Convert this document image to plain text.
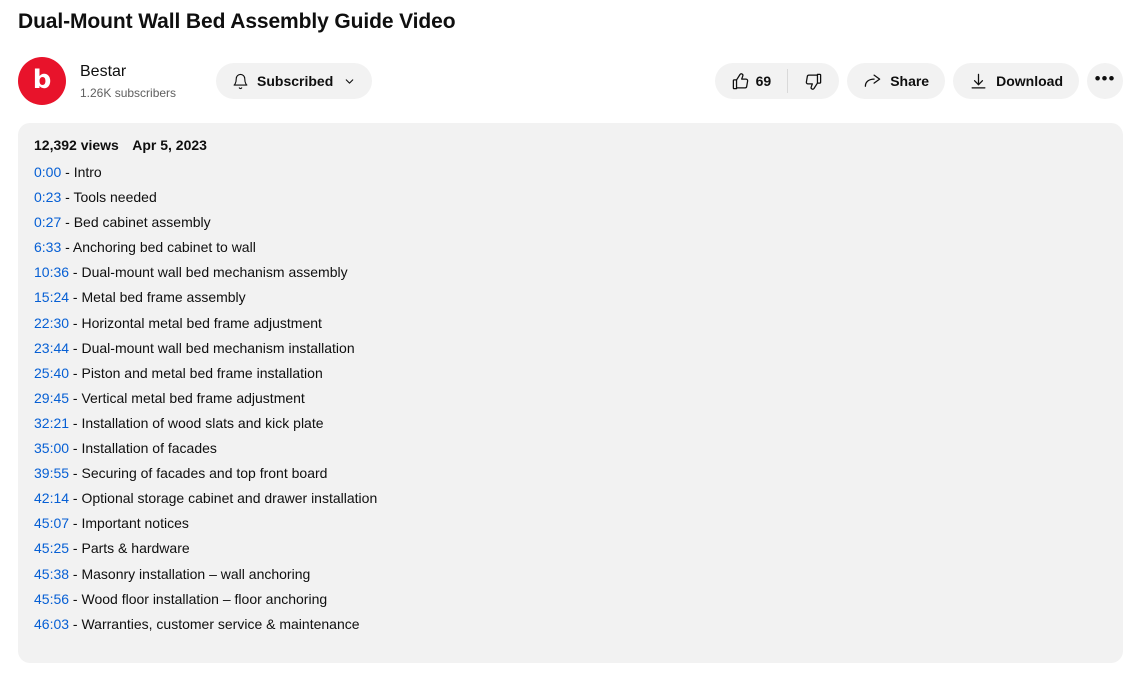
Dual-Mount Wall Bed Assembly Guide Video
b Bestar
1.26K subscribers
Subscribed	69	Share	Download •••
12,392 views Apr 5, 2023
0:00 - Intro
0:23 - Tools needed
0:27 - Bed cabinet assembly
6:33 - Anchoring bed cabinet to wall
10:36 - Dual-mount wall bed mechanism assembly
15:24 - Metal bed frame assembly
22:30 - Horizontal metal bed frame adjustment
23:44 - Dual-mount wall bed mechanism installation
25:40 - Piston and metal bed frame installation
29:45 - Vertical metal bed frame adjustment
32:21 - Installation of wood slats and kick plate
35:00 - Installation of facades
39:55 - Securing of facades and top front board
42:14 - Optional storage cabinet and drawer installation
45:07 - Important notices
45:25 - Parts & hardware
45:38 - Masonry installation – wall anchoring
45:56 - Wood floor installation – floor anchoring
46:03 - Warranties, customer service & maintenance
